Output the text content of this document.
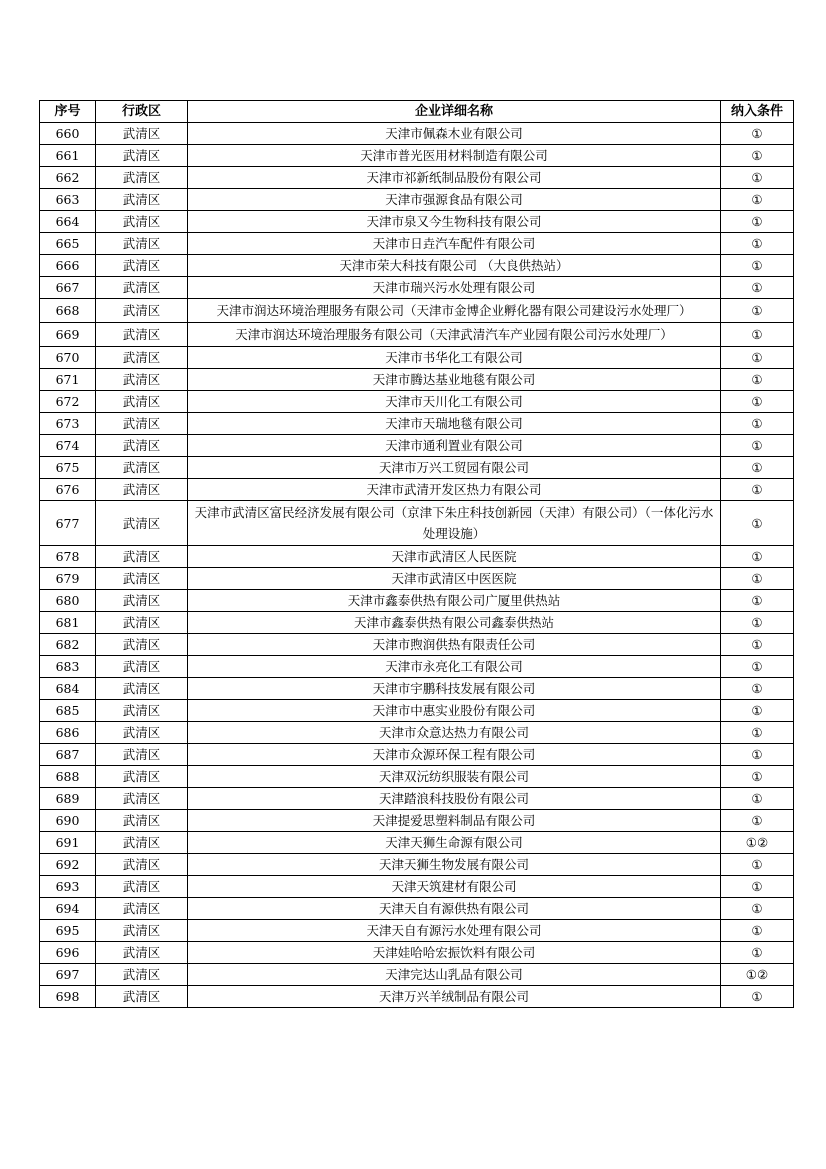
序号	行政区	企业详细名称	纳入条件
660	武清区	天津市佩森木业有限公司	①
661	武清区	天津市普光医用材料制造有限公司	①
662	武清区	天津市祁新纸制品股份有限公司	①
663	武清区	天津市强源食品有限公司	①
664	武清区	天津市泉又今生物科技有限公司	①
665	武清区	天津市日垚汽车配件有限公司	①
666	武清区	天津市荣大科技有限公司 （大良供热站）	①
667	武清区	天津市瑞兴污水处理有限公司	①
668	武清区	天津市润达环境治理服务有限公司（天津市金博企业孵化器有限公司建设污水处理厂）	①
669	武清区	天津市润达环境治理服务有限公司（天津武清汽车产业园有限公司污水处理厂）	①
670	武清区	天津市书华化工有限公司	①
671	武清区	天津市腾达基业地毯有限公司	①
672	武清区	天津市天川化工有限公司	①
673	武清区	天津市天瑞地毯有限公司	①
674	武清区	天津市通利置业有限公司	①
675	武清区	天津市万兴工贸园有限公司	①
676	武清区	天津市武清开发区热力有限公司	①
677	武清区	天津市武清区富民经济发展有限公司（京津下朱庄科技创新园（天津）有限公司）（一体化污水处理设施）	①
678	武清区	天津市武清区人民医院	①
679	武清区	天津市武清区中医医院	①
680	武清区	天津市鑫泰供热有限公司广厦里供热站	①
681	武清区	天津市鑫泰供热有限公司鑫泰供热站	①
682	武清区	天津市煦润供热有限责任公司	①
683	武清区	天津市永亮化工有限公司	①
684	武清区	天津市宇鹏科技发展有限公司	①
685	武清区	天津市中惠实业股份有限公司	①
686	武清区	天津市众意达热力有限公司	①
687	武清区	天津市众源环保工程有限公司	①
688	武清区	天津双沅纺织服装有限公司	①
689	武清区	天津踏浪科技股份有限公司	①
690	武清区	天津提爱思塑料制品有限公司	①
691	武清区	天津天狮生命源有限公司	①②
692	武清区	天津天狮生物发展有限公司	①
693	武清区	天津天筑建材有限公司	①
694	武清区	天津天自有源供热有限公司	①
695	武清区	天津天自有源污水处理有限公司	①
696	武清区	天津娃哈哈宏振饮料有限公司	①
697	武清区	天津完达山乳品有限公司	①②
698	武清区	天津万兴羊绒制品有限公司	①
